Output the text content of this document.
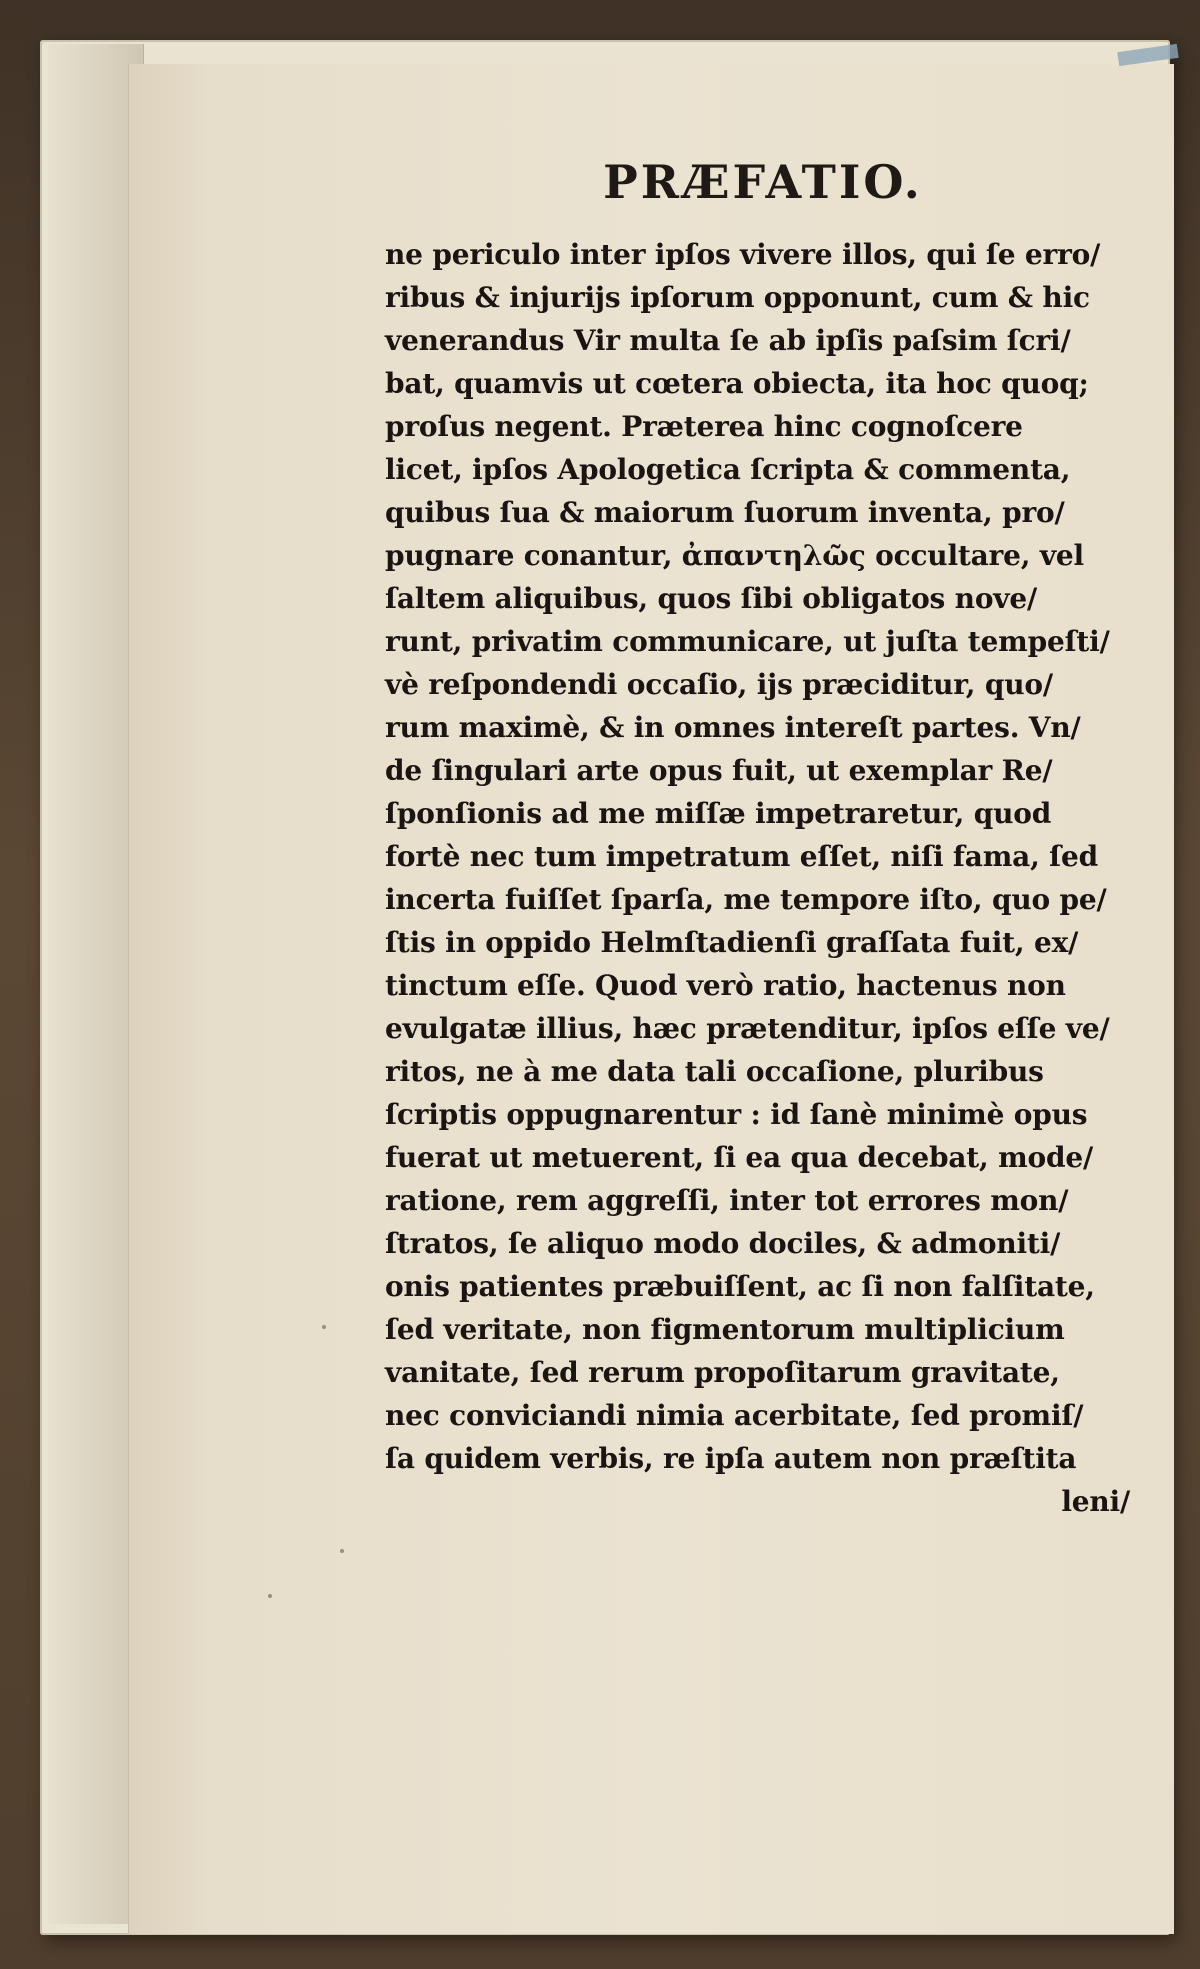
PRÆFATIO.
ne periculo inter ipſos vivere illos, qui ſe erro/
ribus & injurijs ipſorum opponunt, cum & hic
venerandus Vir multa ſe ab ipſis paſsim ſcri/
bat, quamvis ut cœtera obiecta, ita hoc quoq;
proſus negent. Præterea hinc cognoſcere
licet, ipſos Apologetica ſcripta & commenta,
quibus ſua & maiorum ſuorum inventa, pro/
pugnare conantur, ἀπαντηλῶς occultare, vel
ſaltem aliquibus, quos ſibi obligatos nove/
runt, privatim communicare, ut juſta tempeſti/
vè reſpondendi occaſio, ijs præciditur, quo/
rum maximè, & in omnes intereſt partes. Vn/
de ſingulari arte opus fuit, ut exemplar Re/
ſponſionis ad me miſſæ impetraretur, quod
fortè nec tum impetratum eſſet, niſi fama, ſed
incerta fuiſſet ſparſa, me tempore iſto, quo pe/
ſtis in oppido Helmſtadienſi graſſata fuit, ex/
tinctum eſſe. Quod verò ratio, hactenus non
evulgatæ illius, hæc prætenditur, ipſos eſſe ve/
ritos, ne à me data tali occaſione, pluribus
ſcriptis oppugnarentur : id ſanè minimè opus
fuerat ut metuerent, ſi ea qua decebat, mode/
ratione, rem aggreſſi, inter tot errores mon/
ſtratos, ſe aliquo modo dociles, & admoniti/
onis patientes præbuiſſent, ac ſi non falſitate,
ſed veritate, non figmentorum multiplicium
vanitate, ſed rerum propoſitarum gravitate,
nec conviciandi nimia acerbitate, ſed promiſ/
ſa quidem verbis, re ipſa autem non præſtita
leni/
